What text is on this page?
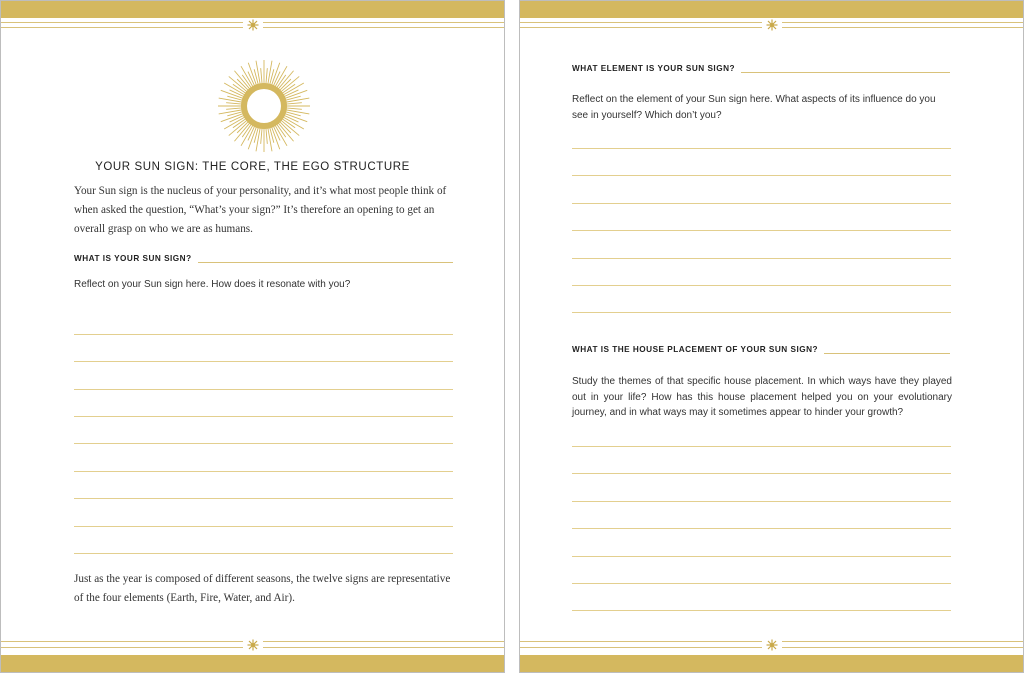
YOUR SUN SIGN: THE CORE, THE EGO STRUCTURE
Your Sun sign is the nucleus of your personality, and it’s what most people think of when asked the question, “What’s your sign?” It’s therefore an opening to get an overall grasp on who we are as humans.
WHAT IS YOUR SUN SIGN?
Reflect on your Sun sign here. How does it resonate with you?
Just as the year is composed of different seasons, the twelve signs are representative of the four elements (Earth, Fire, Water, and Air).
WHAT ELEMENT IS YOUR SUN SIGN?
Reflect on the element of your Sun sign here. What aspects of its influence do you see in yourself? Which don’t you?
WHAT IS THE HOUSE PLACEMENT OF YOUR SUN SIGN?
Study the themes of that specific house placement. In which ways have they played out in your life? How has this house placement helped you on your evolutionary journey, and in what ways may it sometimes appear to hinder your growth?
